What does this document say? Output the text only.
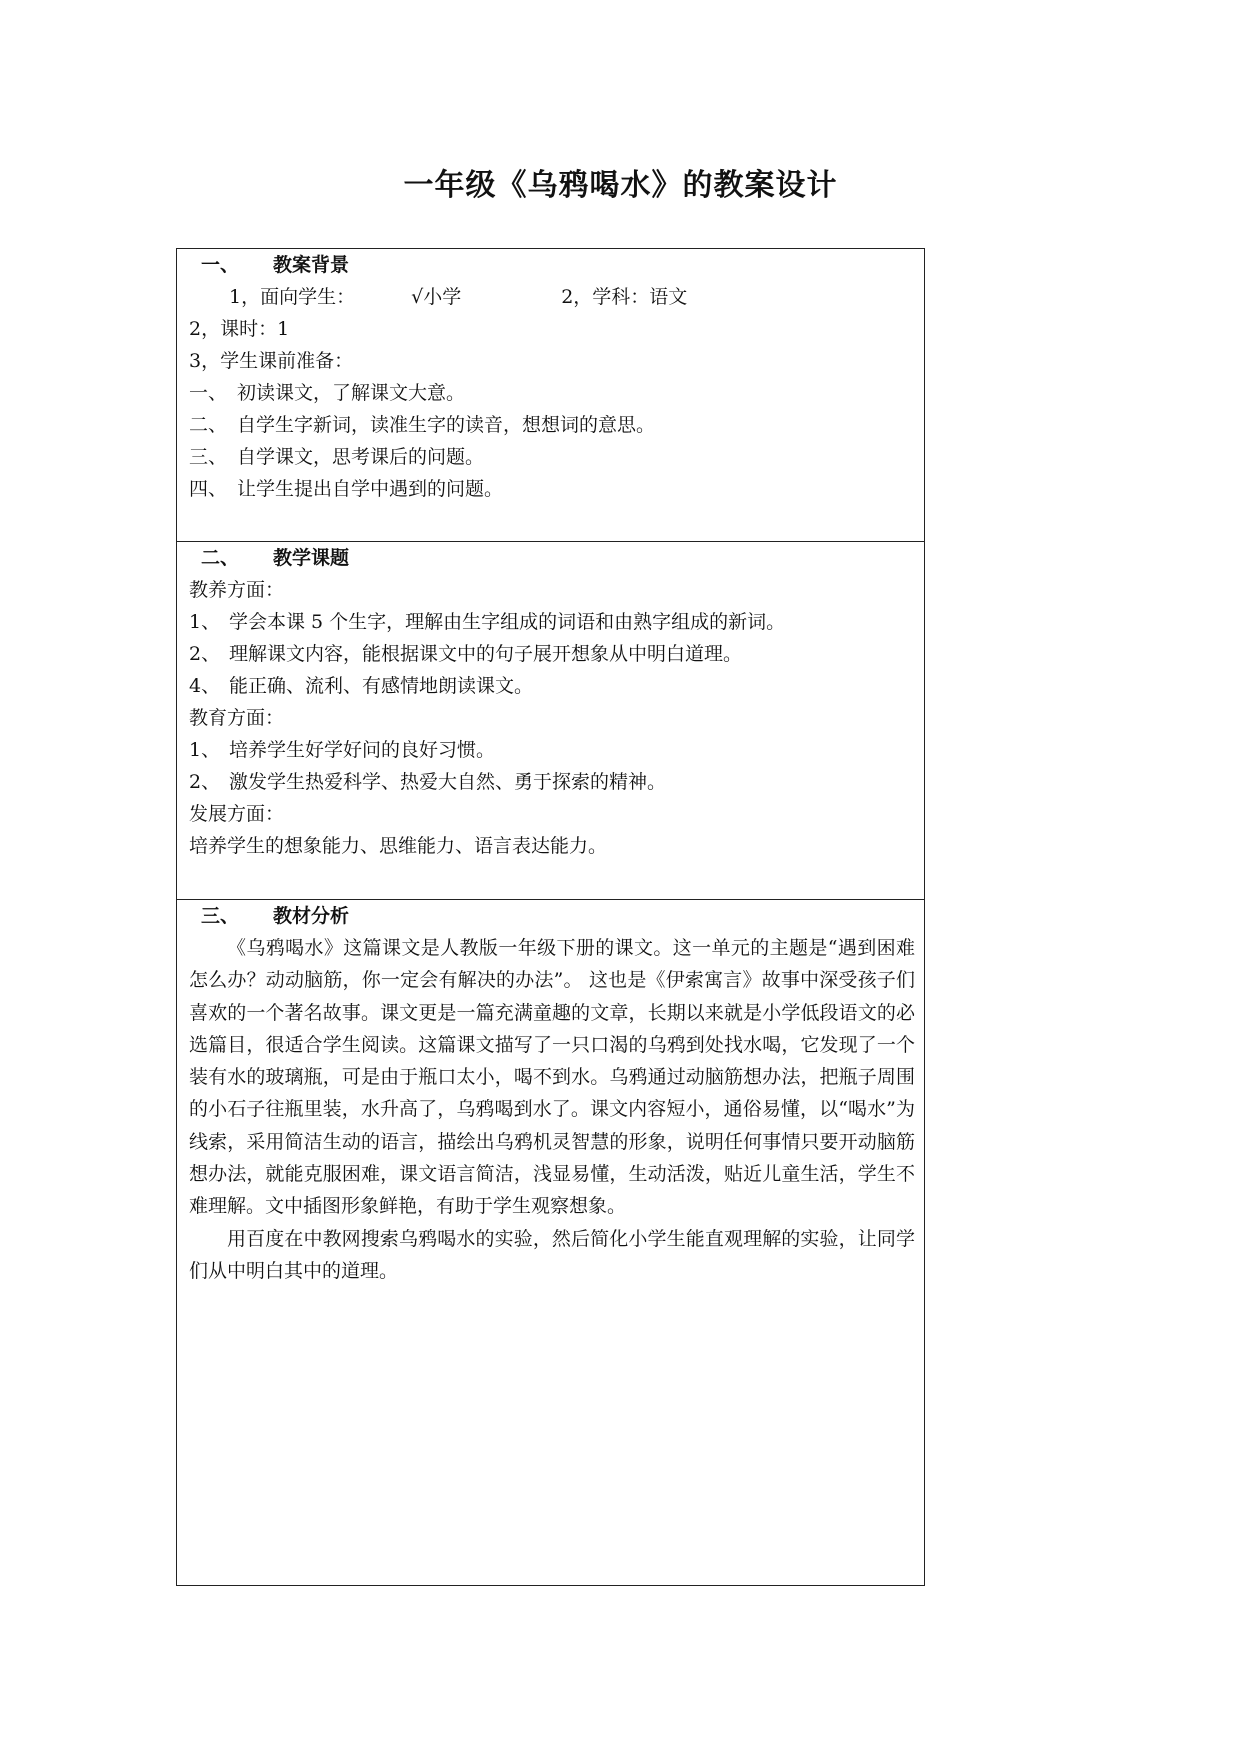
一年级《乌鸦喝水》的教案设计
一、 教案背景
1，面向学生：	√小学	2，学科：语文
2，课时：1
3，学生课前准备：
一、 初读课文，了解课文大意。
二、 自学生字新词，读准生字的读音，想想词的意思。
三、 自学课文，思考课后的问题。
四、 让学生提出自学中遇到的问题。
二、 教学课题
教养方面：
1、 学会本课 5 个生字，理解由生字组成的词语和由熟字组成的新词。
2、 理解课文内容，能根据课文中的句子展开想象从中明白道理。
4、 能正确、流利、有感情地朗读课文。
教育方面：
1、 培养学生好学好问的良好习惯。
2、 激发学生热爱科学、热爱大自然、勇于探索的精神。
发展方面：
培养学生的想象能力、思维能力、语言表达能力。
三、 教材分析

《乌鸦喝水》这篇课文是人教版一年级下册的课文。这一单元的主题是“遇到困难怎么办？动动脑筋，你一定会有解决的办法”。 这也是《伊索寓言》故事中深受孩子们喜欢的一个著名故事。课文更是一篇充满童趣的文章，长期以来就是小学低段语文的必选篇目，很适合学生阅读。这篇课文描写了一只口渴的乌鸦到处找水喝，它发现了一个装有水的玻璃瓶，可是由于瓶口太小，喝不到水。乌鸦通过动脑筋想办法，把瓶子周围的小石子往瓶里装，水升高了，乌鸦喝到水了。课文内容短小，通俗易懂，以“喝水”为线索，采用简洁生动的语言，描绘出乌鸦机灵智慧的形象，说明任何事情只要开动脑筋想办法，就能克服困难，课文语言简洁，浅显易懂，生动活泼，贴近儿童生活，学生不难理解。文中插图形象鲜艳，有助于学生观察想象。

用百度在中教网搜索乌鸦喝水的实验，然后简化小学生能直观理解的实验，让同学们从中明白其中的道理。
